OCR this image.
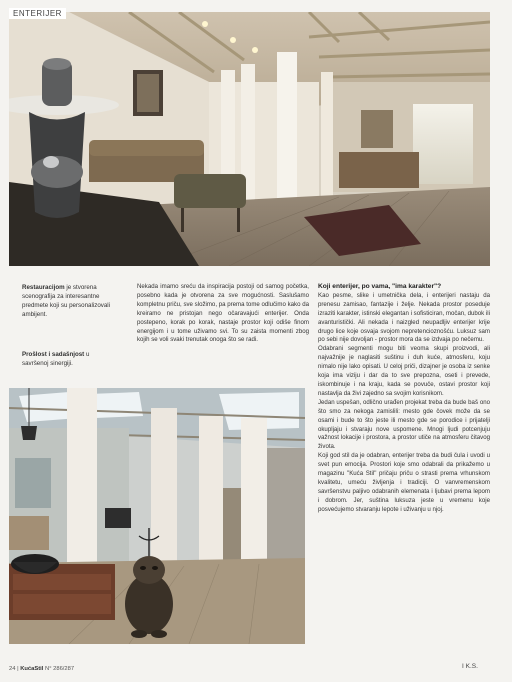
ENTERIJER
Restauracijom je stvorena scenografija za interesantne predmete koji su personalizovali ambijent.
Prošlost i sadašnjost u savršenoj sinergiji.

Nekada imamo sreću da inspiracija postoji od samog početka, posebno kada je otvorena za sve mogućnosti. Saslušamo kompletnu priču, sve složimo, pa prema tome odlučimo kako da kreiramo ne pristojan nego očaravajući enterijer. Onda postepeno, korak po korak, nastaje prostor koji odiše finom energijom i u tome uživamo svi. To su zaista momenti zbog kojih se voli svaki trenutak onoga što se radi.

Koji enterijer, po vama, "ima karakter"?

Kao pesme, slike i umetnička dela, i enterijeri nastaju da prenesu zamisao, fantazije i želje. Nekada prostor poseduje izraziti karakter, istinski elegantan i sofisticiran, močan, dubok ili avanturistički. Ali nekada i naizgled neupadljiv enterijer krije drugo lice koje osvaja svojom nepretencioznošću. Luksuz sam po sebi nije dovoljan - prostor mora da se izdvaja po nečemu.

Odabrani segmenti mogu biti veoma skupi proizvodi, ali najvažnije je naglasiti suštinu i duh kuće, atmosferu, koju nimalo nije lako opisati. U celoj priči, dizajner je osoba iz senke koja ima viziju i dar da to sve prepozna, oseti i prevede, iskombinuje i na kraju, kada se povuče, ostavi prostor koji nastavlja da živi zajedno sa svojim korisnikom.

Jedan uspešan, odlično urađen projekat treba da bude baš ono što smo za nekoga zamislili: mesto gde čovek može da se osami i bude to što jeste ili mesto gde se porodice i prijatelji okupljaju i stvaraju nove uspomene. Mnogi ljudi potcenjuju važnost lokacije i prostora, a prostor utiče na atmosferu čitavog života.

Koji god stil da je odabran, enterijer treba da budi čula i uvodi u svet pun emocija. Prostori koje smo odabrali da prikažemo u magazinu "Kuća Stil" pričaju priču o strasti prema vrhunskom kvalitetu, umeću življenja i tradiciji. O vanvremenskom savršenstvu paljivo odabranih elemenata i ljubavi prema lepom i dobrom. Jer, suština luksuza jeste u vremenu koje posvećujemo stvaranju lepote i uživanju u njoj.

I K.S.
24 | KućaStil N° 286/287
